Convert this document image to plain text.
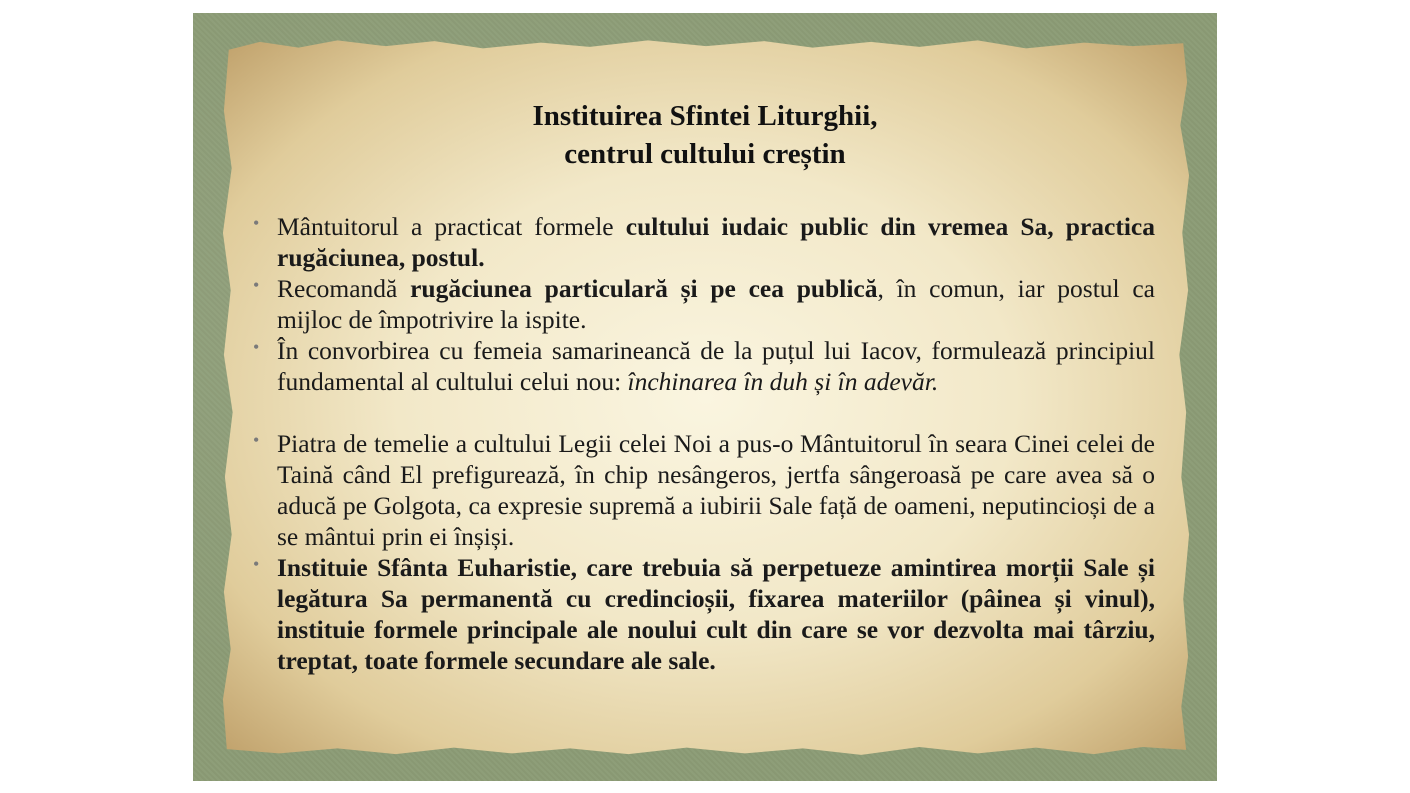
Instituirea Sfintei Liturghii,
centrul cultului creștin
• Mântuitorul a practicat formele cultului iudaic public din vremea Sa, practica rugăciunea, postul.
• Recomandă rugăciunea particulară și pe cea publică, în comun, iar postul ca mijloc de împotrivire la ispite.
• În convorbirea cu femeia samarineancă de la puțul lui Iacov, formulează principiul fundamental al cultului celui nou: închinarea în duh și în adevăr.
• Piatra de temelie a cultului Legii celei Noi a pus-o Mântuitorul în seara Cinei celei de Taină când El prefigurează, în chip nesângeros, jertfa sângeroasă pe care avea să o aducă pe Golgota, ca expresie supremă a iubirii Sale față de oameni, neputincioși de a se mântui prin ei înșiși.
• Instituie Sfânta Euharistie, care trebuia să perpetueze amintirea morții Sale și legătura Sa permanentă cu credincioșii, fixarea materiilor (pâinea și vinul), instituie formele principale ale noului cult din care se vor dezvolta mai târziu, treptat, toate formele secundare ale sale.
